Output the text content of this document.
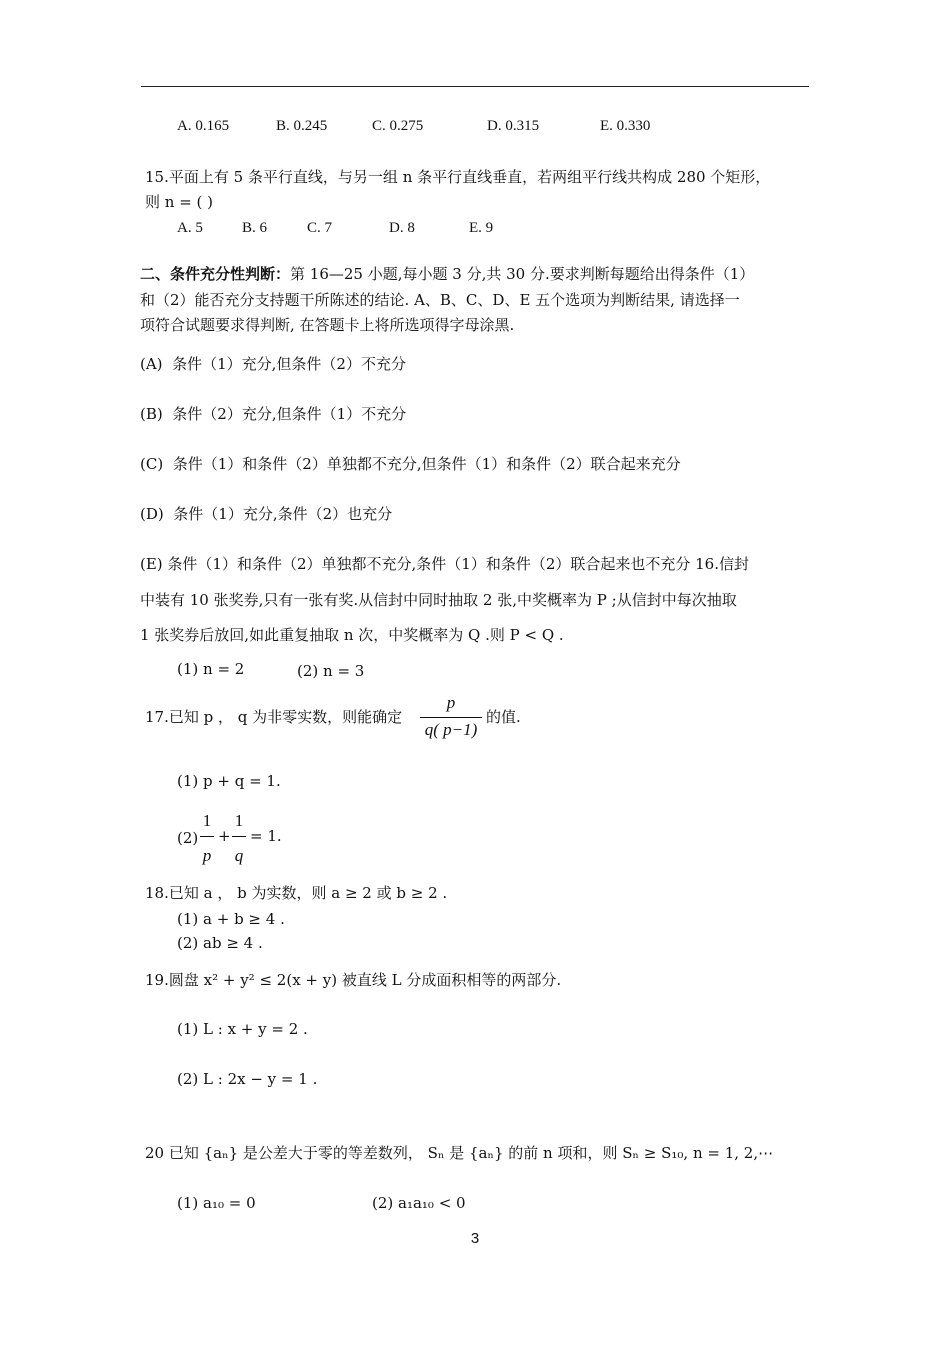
A. 0.165	B. 0.245	C. 0.275	D. 0.315	E. 0.330
15.平面上有 5 条平行直线，与另一组 n 条平行直线垂直，若两组平行线共构成 280 个矩形，
则 n = ( )
A. 5	B. 6	C. 7	D. 8	E. 9
二、条件充分性判断：第 16—25 小题,每小题 3 分,共 30 分.要求判断每题给出得条件（1）
和（2）能否充分支持题干所陈述的结论. A、B、C、D、E 五个选项为判断结果, 请选择一
项符合试题要求得判断, 在答题卡上将所选项得字母涂黑.
(A) 条件（1）充分,但条件（2）不充分
(B) 条件（2）充分,但条件（1）不充分
(C) 条件（1）和条件（2）单独都不充分,但条件（1）和条件（2）联合起来充分
(D) 条件（1）充分,条件（2）也充分
(E) 条件（1）和条件（2）单独都不充分,条件（1）和条件（2）联合起来也不充分 16.信封
中装有 10 张奖券,只有一张有奖.从信封中同时抽取 2 张,中奖概率为 P ;从信封中每次抽取
1 张奖券后放回,如此重复抽取 n 次，中奖概率为 Q .则 P < Q .
(1) n = 2	(2) n = 3
17.已知 p ， q 为非零实数，则能确定
p
q( p−1)
的值.
(1) p + q = 1.
(2)
1
p
+
1
q
= 1.
18.已知 a ， b 为实数，则 a ≥ 2 或 b ≥ 2 .
(1) a + b ≥ 4 .
(2) ab ≥ 4 .
19.圆盘 x² + y² ≤ 2(x + y) 被直线 L 分成面积相等的两部分.
(1) L : x + y = 2 .
(2) L : 2x − y = 1 .
20 已知 {aₙ} 是公差大于零的等差数列， Sₙ 是 {aₙ} 的前 n 项和，则 Sₙ ≥ S₁₀, n = 1, 2,⋯
(1) a₁₀ = 0	(2) a₁a₁₀ < 0
3
